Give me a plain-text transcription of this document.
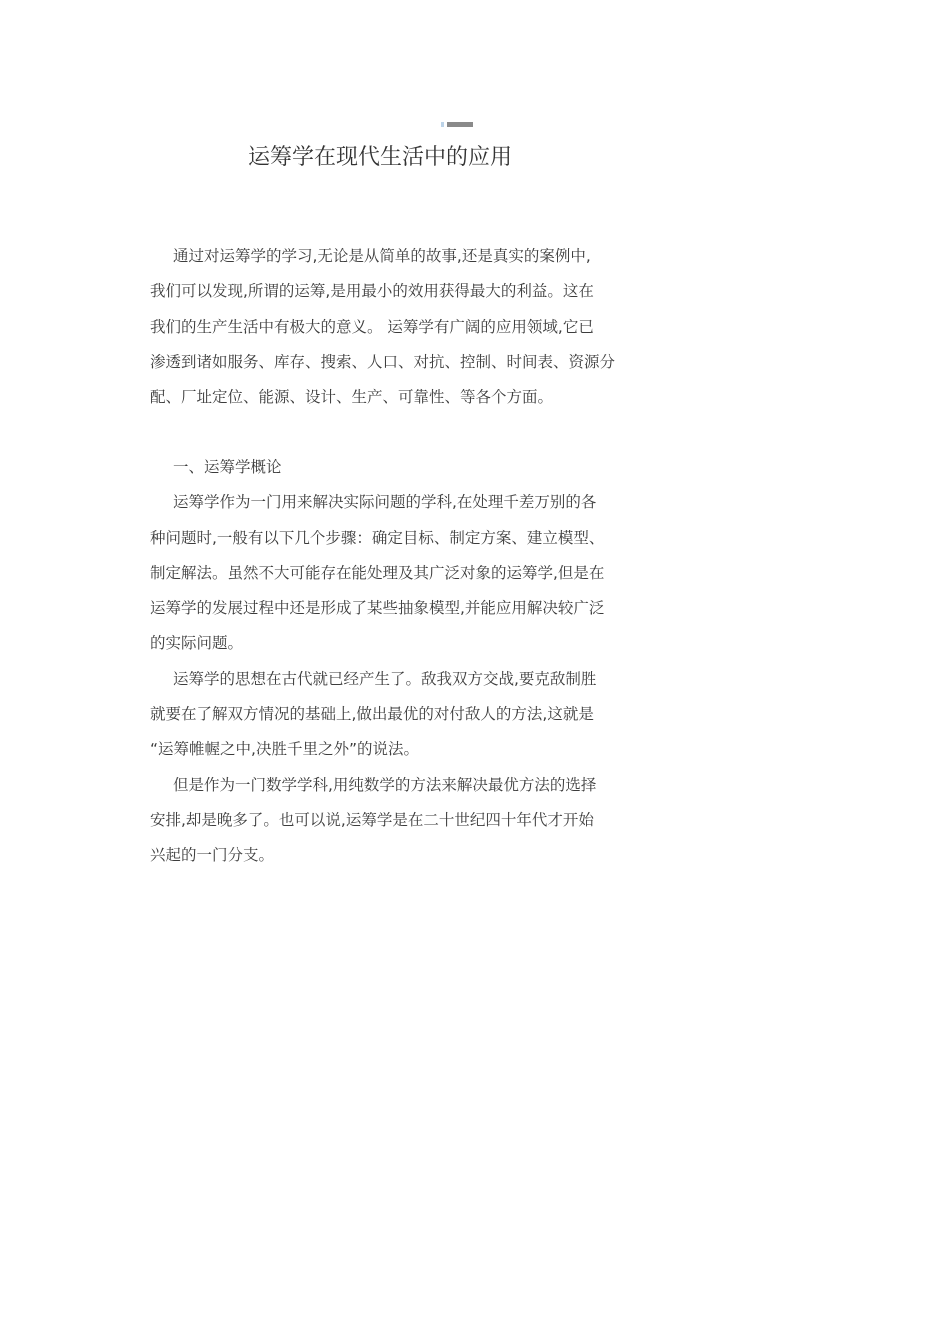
运筹学在现代生活中的应用
通过对运筹学的学习,无论是从简单的故事,还是真实的案例中,
我们可以发现,所谓的运筹,是用最小的效用获得最大的利益。这在
我们的生产生活中有极大的意义。 运筹学有广阔的应用领域,它已
渗透到诸如服务、库存、搜索、人口、对抗、控制、时间表、资源分
配、厂址定位、能源、设计、生产、可靠性、等各个方面。
一、运筹学概论
运筹学作为一门用来解决实际问题的学科,在处理千差万别的各
种问题时,一般有以下几个步骤：确定目标、制定方案、建立模型、
制定解法。虽然不大可能存在能处理及其广泛对象的运筹学,但是在
运筹学的发展过程中还是形成了某些抽象模型,并能应用解决较广泛
的实际问题。
运筹学的思想在古代就已经产生了。敌我双方交战,要克敌制胜
就要在了解双方情况的基础上,做出最优的对付敌人的方法,这就是
“运筹帷幄之中,决胜千里之外”的说法。
但是作为一门数学学科,用纯数学的方法来解决最优方法的选择
安排,却是晚多了。也可以说,运筹学是在二十世纪四十年代才开始
兴起的一门分支。
